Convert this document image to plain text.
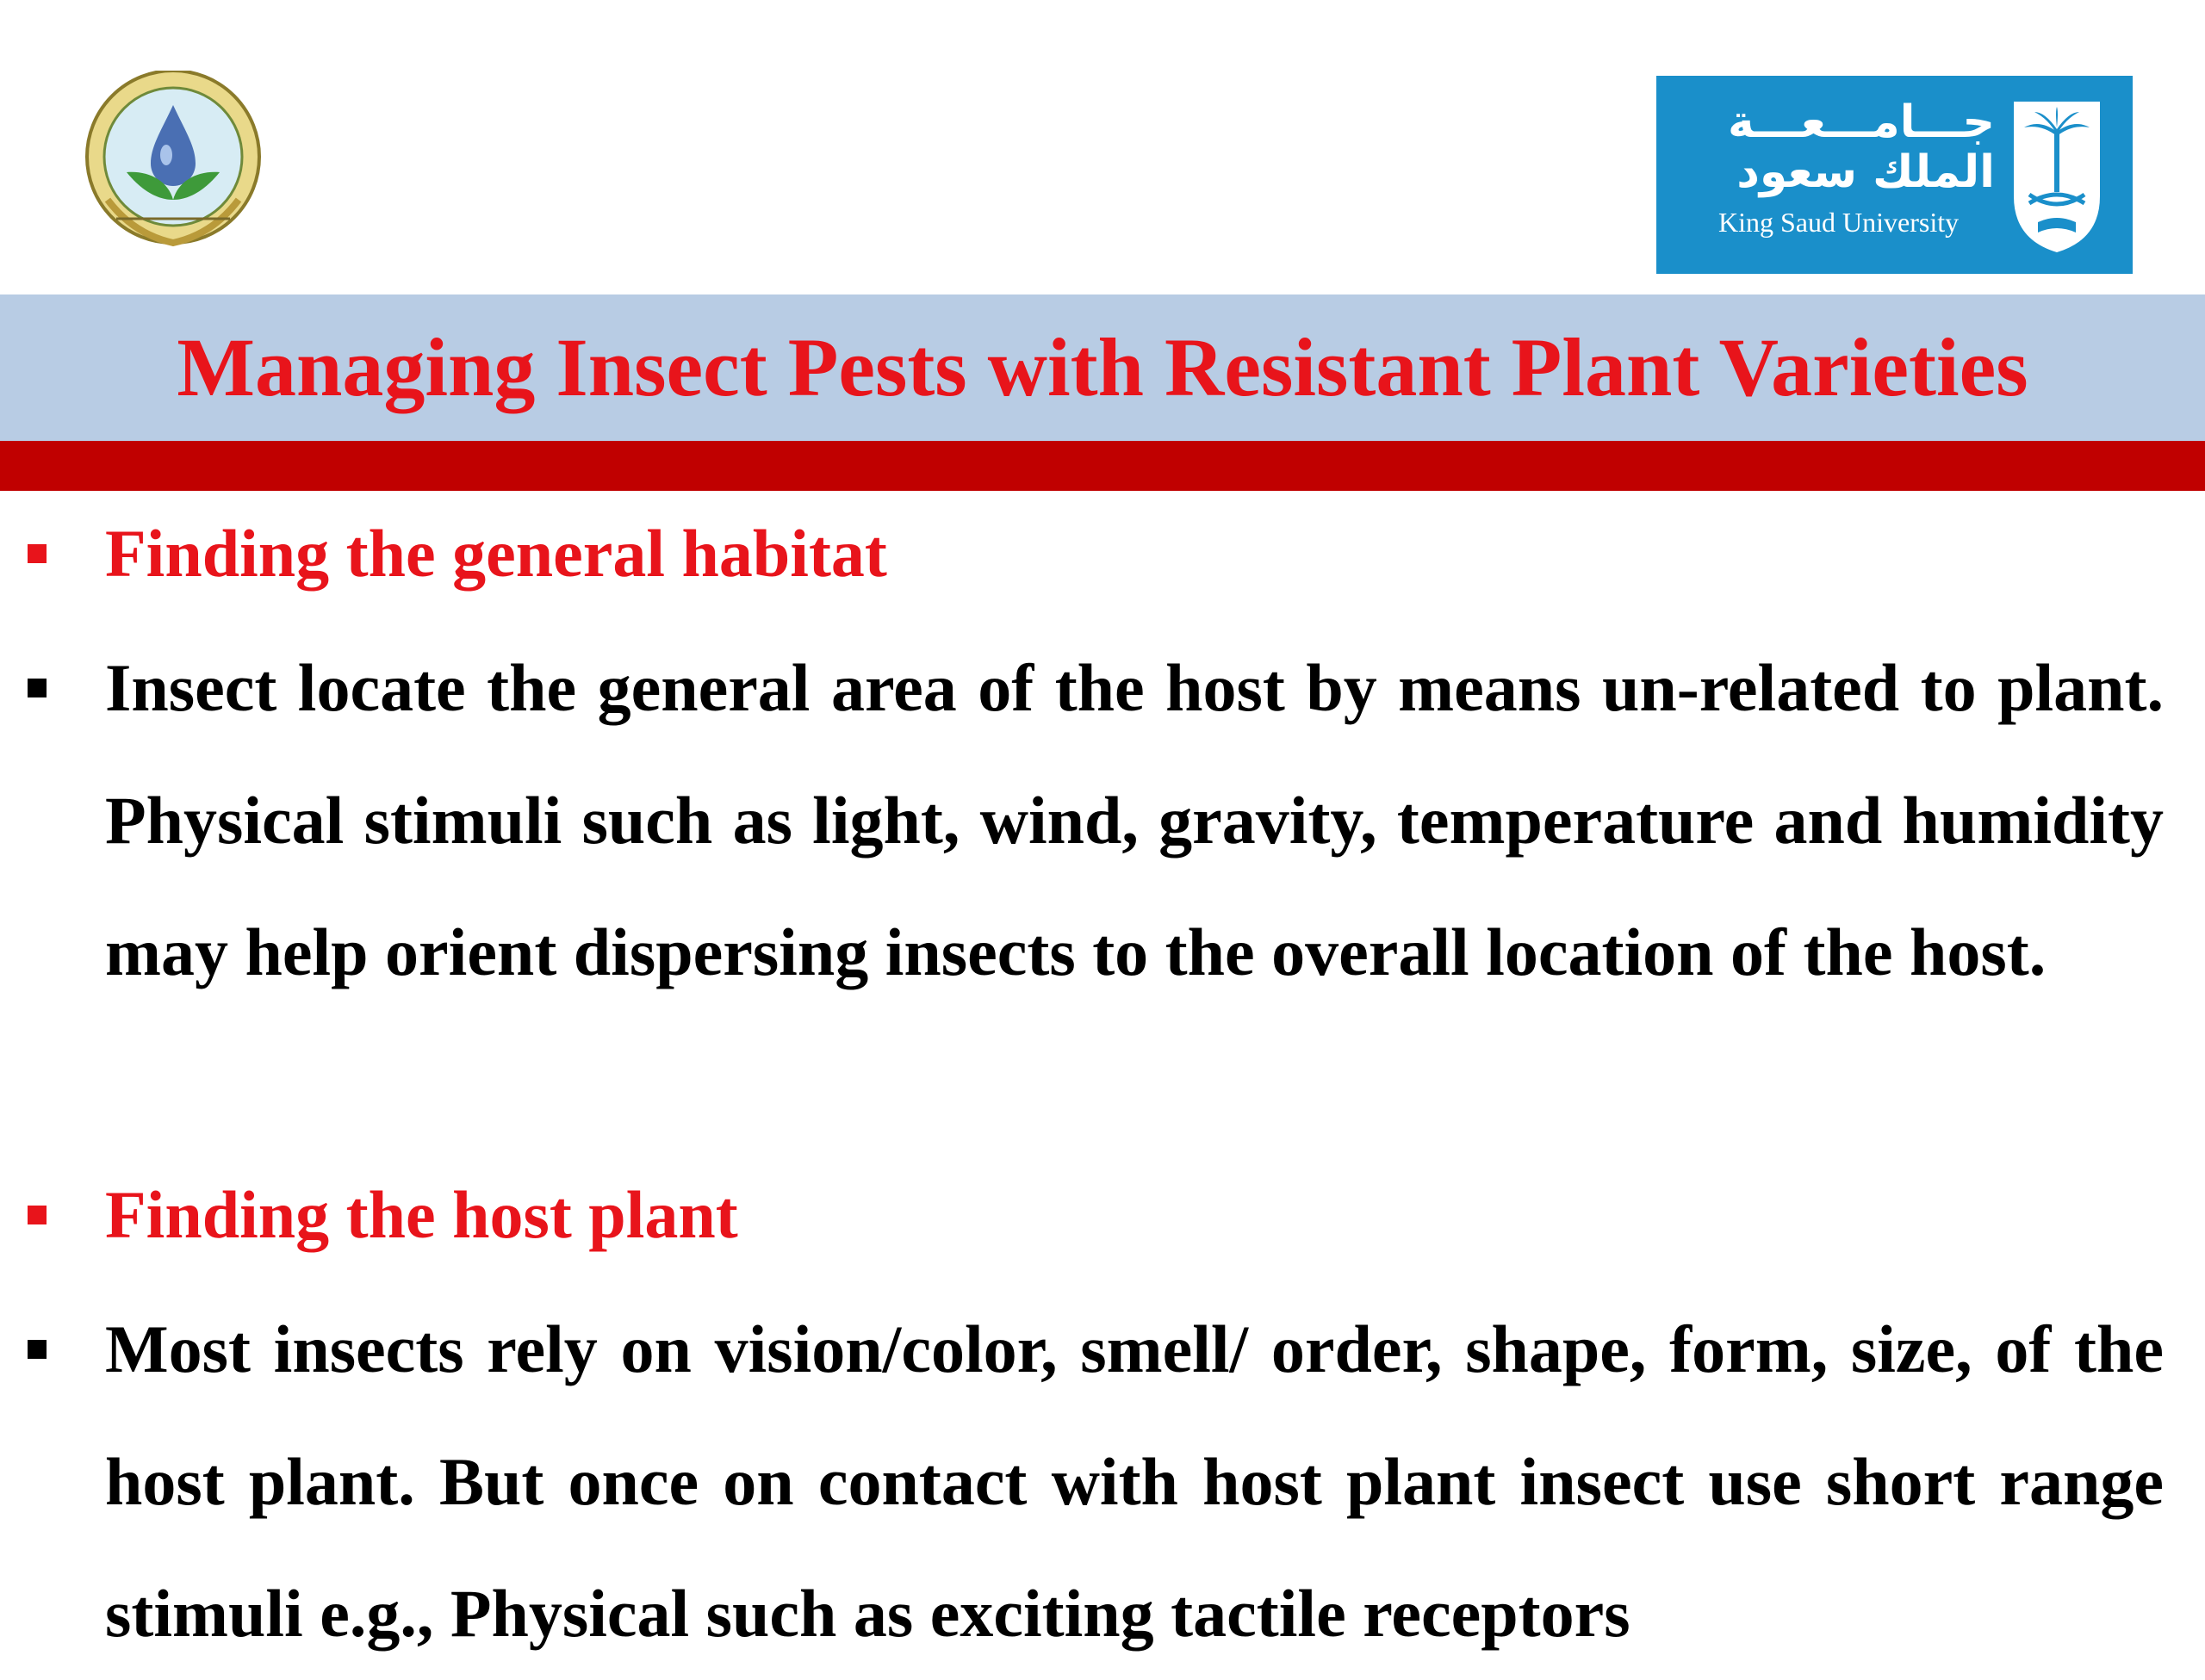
جـــامـــعـــة
الملك سعود
King Saud University
Managing Insect Pests with Resistant Plant Varieties
Finding the general habitat
Insect locate the general area of the host by means un-related to plant. Physical stimuli such as light, wind, gravity, temperature and humidity may help orient dispersing insects to the overall location of the host.
Finding the host plant
Most insects rely on vision/color, smell/ order, shape, form, size, of the host plant. But once on contact with host plant insect use short range stimuli e.g., Physical such as exciting tactile receptors
